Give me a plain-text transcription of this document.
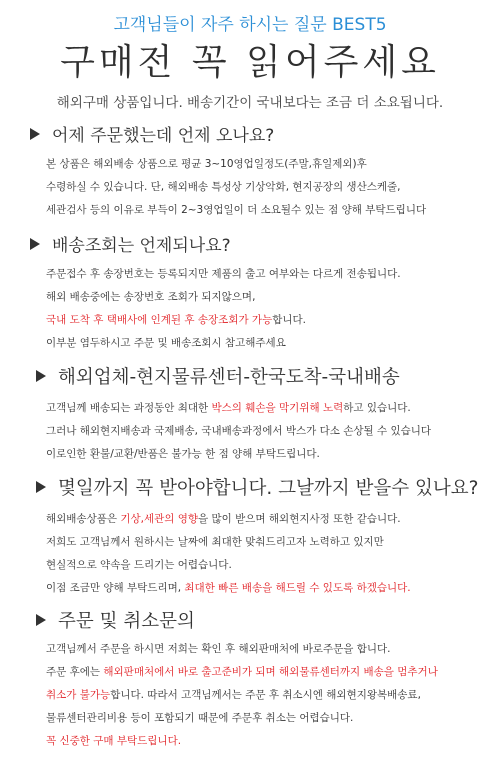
고객님들이 자주 하시는 질문 BEST5
구매전 꼭 읽어주세요
해외구매 상품입니다. 배송기간이 국내보다는 조금 더 소요됩니다.
어제 주문했는데 언제 오나요?
본 상품은 해외배송 상품으로 평균 3~10영업일정도(주말,휴일제외)후
수령하실 수 있습니다. 단, 해외배송 특성상 기상악화, 현지공장의 생산스케줄,
세관검사 등의 이유로 부득이 2~3영업일이 더 소요될수 있는 점 양해 부탁드립니다
배송조회는 언제되나요?
주문접수 후 송장번호는 등록되지만 제품의 출고 여부와는 다르게 전송됩니다.
해외 배송중에는 송장번호 조회가 되지않으며,
국내 도착 후 택배사에 인계된 후 송장조회가 가능합니다.
이부분 염두하시고 주문 및 배송조회시 참고해주세요
해외업체-현지물류센터-한국도착-국내배송
고객님께 배송되는 과정동안 최대한 박스의 훼손을 막기위해 노력하고 있습니다.
그러나 해외현지배송과 국제배송, 국내배송과정에서 박스가 다소 손상될 수 있습니다
이로인한 환불/교환/반품은 불가능 한 점 양해 부탁드립니다.
몇일까지 꼭 받아야합니다. 그날까지 받을수 있나요?
해외배송상품은 기상,세관의 영향을 많이 받으며 해외현지사정 또한 같습니다.
저희도 고객님께서 원하시는 날짜에 최대한 맞춰드리고자 노력하고 있지만
현실적으로 약속을 드리기는 어렵습니다.
이점 조금만 양해 부탁드리며, 최대한 빠른 배송을 해드릴 수 있도록 하겠습니다.
주문 및 취소문의
고객님께서 주문을 하시면 저희는 확인 후 해외판매처에 바로주문을 합니다.
주문 후에는 해외판매처에서 바로 출고준비가 되며 해외물류센터까지 배송을 멈추거나
취소가 불가능합니다. 따라서 고객님께서는 주문 후 취소시엔 해외현지왕복배송료,
물류센터관리비용 등이 포함되기 때문에 주문후 취소는 어렵습니다.
꼭 신중한 구매 부탁드립니다.
